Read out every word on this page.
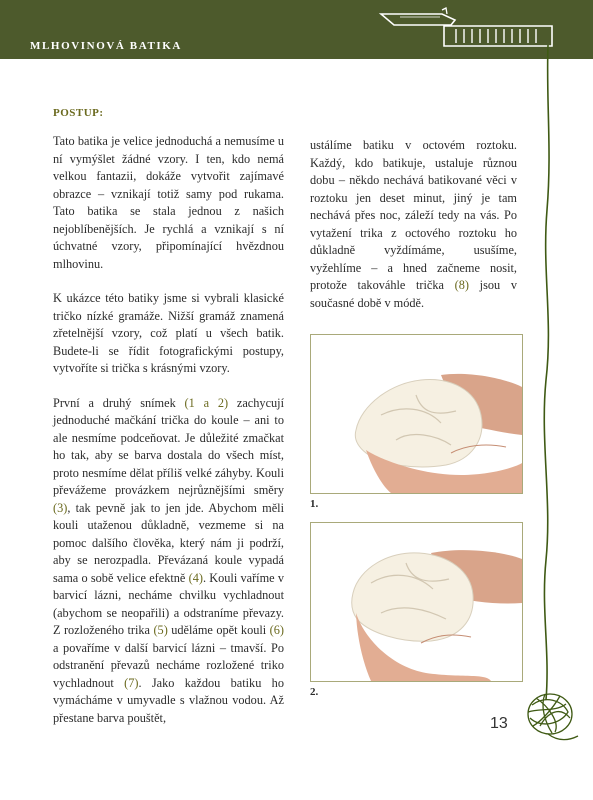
MLHOVINOVÁ BATIKA
POSTUP:

Tato batika je velice jednoduchá a nemusíme u ní vymýšlet žádné vzory. I ten, kdo nemá velkou fantazii, dokáže vytvořit zajímavé obrazce – vznikají totiž samy pod rukama. Tato batika se stala jednou z našich nejoblíbenějších. Je rychlá a vznikají s ní úchvatné vzory, připomínající hvězdnou mlhovinu.

K ukázce této batiky jsme si vybrali klasické tričko nízké gramáže. Nižší gramáž znamená zřetelnější vzory, což platí u všech batik. Budete-li se řídit fotografickými postupy, vytvoříte si trička s krásnými vzory.

První a druhý snímek (1 a 2) zachycují jednoduché mačkání trička do koule – ani to ale nesmíme podceňovat. Je důležité zmačkat ho tak, aby se barva dostala do všech míst, proto nesmíme dělat příliš velké záhyby. Kouli převážeme provázkem nejrůznějšími směry (3), tak pevně jak to jen jde. Abychom měli kouli utaženou důkladně, vezmeme si na pomoc dalšího člověka, který nám ji podrží, aby se nerozpadla. Převázaná koule vypadá sama o sobě velice efektně (4). Kouli vaříme v barvicí lázni, necháme chvilku vychladnout (abychom se neopařili) a odstraníme převazy. Z rozloženého trika (5) uděláme opět kouli (6) a povaříme v další barvicí lázni – tmavší. Po odstranění převazů necháme rozložené triko vychladnout (7). Jako každou batiku ho vymácháme v umyvadle s vlažnou vodou. Až přestane barva pouštět,

ustálíme batiku v octovém roztoku. Každý, kdo batikuje, ustaluje různou dobu – někdo nechává batikované věci v roztoku jen deset minut, jiný je tam nechává přes noc, záleží tedy na vás. Po vytažení trika z octového roztoku ho důkladně vyždímáme, usušíme, vyžehlíme – a hned začneme nosit, protože takováhle trička (8) jsou v současné době v módě.

1.
2.
13
